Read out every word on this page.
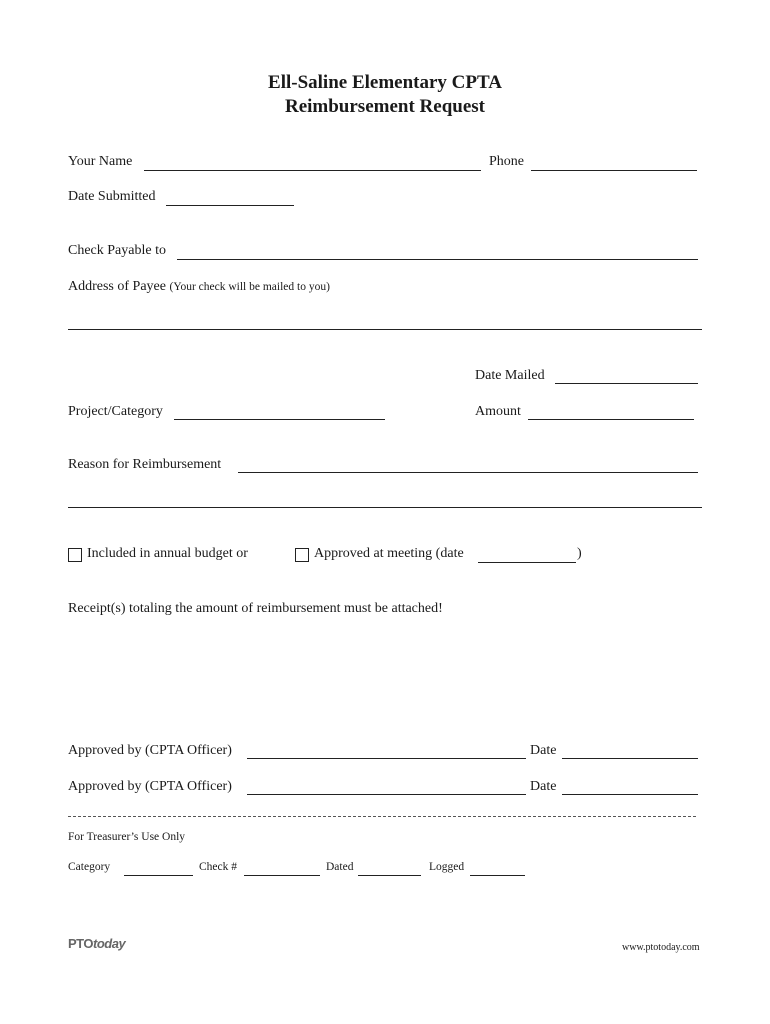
Ell-Saline Elementary CPTA
Reimbursement Request
Your Name	Phone
Date Submitted
Check Payable to
Address of Payee (Your check will be mailed to you)
Date Mailed
Project/Category	Amount
Reason for Reimbursement
Included in annual budget or	Approved at meeting (date	)
Receipt(s) totaling the amount of reimbursement must be attached!
Approved by (CPTA Officer)	Date
Approved by (CPTA Officer)	Date
For Treasurer’s Use Only
Category	Check #	Dated	Logged
PTOtoday	www.ptotoday.com
